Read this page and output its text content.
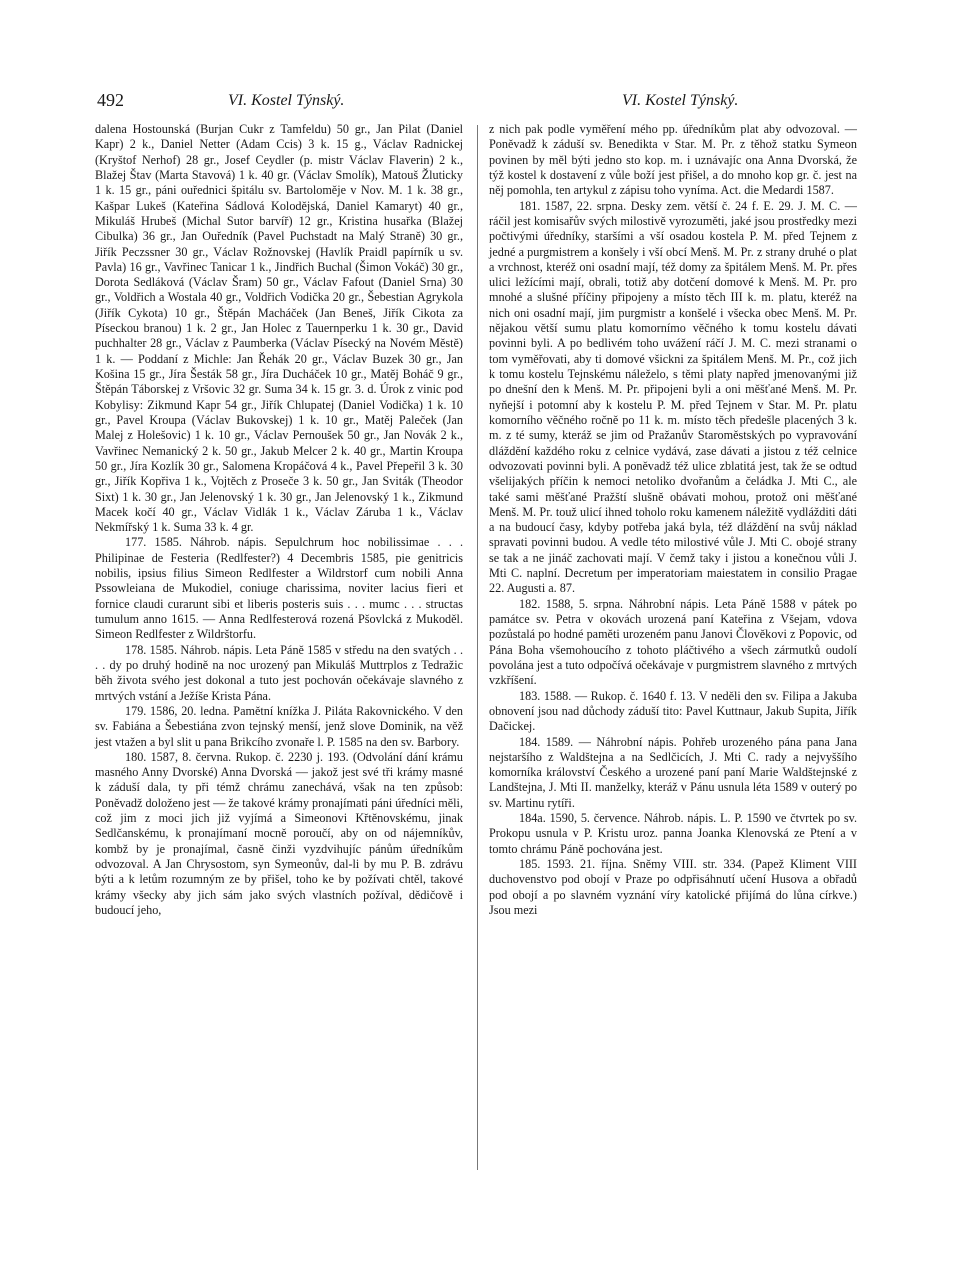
492	VI. Kostel Týnský.	VI. Kostel Týnský.

dalena Hostounská (Burjan Cukr z Tamfeldu) 50 gr., Jan Pilat (Daniel Kapr) 2 k., Daniel Netter (Adam Ccis) 3 k. 15 g., Václav Radnickej (Kryštof Nerhof) 28 gr., Josef Ceydler (p. mistr Václav Flaverin) 2 k., Blažej Štav (Marta Stavová) 1 k. 40 gr. (Václav Smolík), Matouš Žluticky 1 k. 15 gr., páni ouřednici špitálu sv. Bartoloměje v Nov. M. 1 k. 38 gr., Kašpar Lukeš (Kateřina Sádlová Kolodějská, Daniel Kamaryt) 40 gr., Mikuláš Hrubeš (Michal Sutor barvíř) 12 gr., Kristina husařka (Blažej Cibulka) 36 gr., Jan Ouředník (Pavel Puchstadt na Malý Straně) 30 gr., Jiřík Peczssner 30 gr., Václav Rožnovskej (Havlík Praidl papírník u sv. Pavla) 16 gr., Vavřinec Tanicar 1 k., Jindřich Buchal (Šimon Vokáč) 30 gr., Dorota Sedláková (Václav Šram) 50 gr., Václav Fafout (Daniel Srna) 30 gr., Voldřich a Wostala 40 gr., Voldřich Vodička 20 gr., Šebestian Agrykola (Jiřík Cykota) 10 gr., Štěpán Macháček (Jan Beneš, Jiřík Cikota za Píseckou branou) 1 k. 2 gr., Jan Holec z Tauernperku 1 k. 30 gr., David puchhalter 28 gr., Václav z Paumberka (Václav Písecký na Novém Městě) 1 k. — Poddaní z Michle: Jan Řehák 20 gr., Václav Buzek 30 gr., Jan Košina 15 gr., Jíra Šesták 58 gr., Jíra Ducháček 10 gr., Matěj Boháč 9 gr., Štěpán Táborskej z Vršovic 32 gr. Suma 34 k. 15 gr. 3. d. Úrok z vinic pod Kobylisy: Zikmund Kapr 54 gr., Jiřík Chlupatej (Daniel Vodička) 1 k. 10 gr., Pavel Kroupa (Václav Bukovskej) 1 k. 10 gr., Matěj Paleček (Jan Malej z Holešovic) 1 k. 10 gr., Václav Pernoušek 50 gr., Jan Novák 2 k., Vavřinec Nemanický 2 k. 50 gr., Jakub Melcer 2 k. 40 gr., Martin Kroupa 50 gr., Jíra Kozlík 30 gr., Salomena Kropáčová 4 k., Pavel Přepeřil 3 k. 30 gr., Jiřík Kopřiva 1 k., Vojtěch z Proseče 3 k. 50 gr., Jan Sviták (Theodor Sixt) 1 k. 30 gr., Jan Jelenovský 1 k. 30 gr., Jan Jelenovský 1 k., Zikmund Macek kočí 40 gr., Václav Vidlák 1 k., Václav Záruba 1 k., Václav Nekmířský 1 k. Suma 33 k. 4 gr.

177. 1585. Náhrob. nápis. Sepulchrum hoc nobilissimae . . . Philipinae de Festeria (Redlfester?) 4 Decembris 1585, pie genitricis nobilis, ipsius filius Simeon Redlfester a Wildrstorf cum nobili Anna Pssowleiana de Mukodiel, coniuge charissima, noviter lacius fieri et fornice claudi curarunt sibi et liberis posteris suis . . . mumc . . . structas tumulum anno 1615. — Anna Redlfesterová rozená Pšovlcká z Mukoděl. Simeon Redlfester z Wildrštorfu.

178. 1585. Náhrob. nápis. Leta Páně 1585 v středu na den svatých . . . . dy po druhý hodině na noc urozený pan Mikuláš Muttrplos z Tedražic běh života svého jest dokonal a tuto jest pochován očekávaje slavného z mrtvých vstání a Ježíše Krista Pána.

179. 1586, 20. ledna. Pamětní knížka J. Piláta Rakovnického. V den sv. Fabiána a Šebestiána zvon tejnský menší, jenž slove Dominik, na věž jest vtažen a byl slit u pana Brikcího zvonaře l. P. 1585 na den sv. Barbory.

180. 1587, 8. června. Rukop. č. 2230 j. 193. (Odvolání dání krámu masného Anny Dvorské) Anna Dvorská — jakož jest své tři krámy masné k záduší dala, ty při témž chrámu zanechává, však na ten způsob: Poněvadž doloženo jest — že takové krámy pronajímati páni úředníci měli, což jim z moci jich již vyjímá a Simeonovi Křtěnovskému, jinak Sedlčanskému, k pronajímaní mocně poroučí, aby on od nájemníkův, kombž by je pronajímal, časně činži vyzdvihujíc pánům úředníkům odvozoval. A Jan Chrysostom, syn Symeonův, dal-li by mu P. B. zdrávu býti a k letům rozumným ze by přišel, toho ke by požívati chtěl, takové krámy všecky aby jich sám jako svých vlastních požíval, dědičově i budoucí jeho,

z nich pak podle vyměření mého pp. úředníkům plat aby odvozoval. — Poněvadž k záduší sv. Benedikta v Star. M. Pr. z těhož statku Symeon povinen by měl býti jedno sto kop. m. i uznávajíc ona Anna Dvorská, že týž kostel k dostavení z vůle boží jest přišel, a do mnoho kop gr. č. jest na něj pomohla, ten artykul z zápisu toho vyníma. Act. die Medardi 1587.

181. 1587, 22. srpna. Desky zem. větší č. 24 f. E. 29. J. M. C. — ráčil jest komisařův svých milostivě vyrozuměti, jaké jsou prostředky mezi počtivými úředníky, staršími a vší osadou kostela P. M. před Tejnem z jedné a purgmistrem a konšely i vší obcí Menš. M. Pr. z strany druhé o plat a vrchnost, kteréž oni osadní mají, též domy za špitálem Menš. M. Pr. přes ulici ležícími mají, obrali, totiž aby dotčení domové k Menš. M. Pr. pro mnohé a slušné příčiny připojeny a místo těch III k. m. platu, kteréž na nich oni osadní mají, jim purgmistr a konšelé i všecka obec Menš. M. Pr. nějakou větší sumu platu komornímo věčného k tomu kostelu dávati povinni byli. A po bedlivém toho uvážení ráčí J. M. C. mezi stranami o tom vyměřovati, aby ti domové všickni za špitálem Menš. M. Pr., což jich k tomu kostelu Tejnskému náleželo, s těmi platy napřed jmenovanými již po dnešní den k Menš. M. Pr. připojeni byli a oni měšťané Menš. M. Pr. nyňejší i potomní aby k kostelu P. M. před Tejnem v Star. M. Pr. platu komorního věčného ročně po 11 k. m. místo těch předešle placených 3 k. m. z té sumy, kteráž se jim od Pražanův Staroměstských po vypravování dláždění každého roku z celnice vydává, zase dávati a jistou z též celnice odvozovati povinni byli. A poněvadž též ulice zblatitá jest, tak že se odtud všelijakých příčin k nemoci netoliko dvořanům a čeládka J. Mti C., ale také sami měšťané Pražští slušně obávati mohou, protož oni měšťané Menš. M. Pr. touž ulicí ihned toholo roku kamenem náležitě vydlážditi dáti a na budoucí časy, kdyby potřeba jaká byla, též dláždění na svůj náklad spravati povinni budou. A vedle této milostivé vůle J. Mti C. obojé strany se tak a ne jináč zachovati mají. V čemž taky i jistou a konečnou vůli J. Mti C. naplní. Decretum per imperatoriam maiestatem in consilio Pragae 22. Augusti a. 87.

182. 1588, 5. srpna. Náhrobní nápis. Leta Páně 1588 v pátek po památce sv. Petra v okovách urozená paní Kateřina z Všejam, vdova pozůstalá po hodné paměti urozeném panu Janovi Člověkovi z Popovic, od Pána Boha všemohoucího z tohoto pláčtivého a všech zármutků oudolí povolána jest a tuto odpočívá očekávaje v purgmistrem slavného z mrtvých vzkříšení.

183. 1588. — Rukop. č. 1640 f. 13. V neděli den sv. Filipa a Jakuba obnovení jsou nad důchody záduší tito: Pavel Kuttnaur, Jakub Supita, Jiřík Dačickej.

184. 1589. — Náhrobní nápis. Pohřeb urozeného pána pana Jana nejstaršího z Waldštejna a na Sedlčicích, J. Mti C. rady a nejvyššího komorníka království Českého a urozené paní paní Marie Waldštejnské z Landštejna, J. Mti II. manželky, kteráž v Pánu usnula léta 1589 v outerý po sv. Martinu rytíři.

184a. 1590, 5. července. Náhrob. nápis. L. P. 1590 ve čtvrtek po sv. Prokopu usnula v P. Kristu uroz. panna Joanka Klenovská ze Ptení a v tomto chrámu Páně pochována jest.

185. 1593. 21. října. Sněmy VIII. str. 334. (Papež Kliment VIII duchovenstvo pod obojí v Praze po odpřisáhnutí učení Husova a obřadů pod obojí a po slavném vyznání víry katolické přijímá do lůna církve.) Jsou mezi
